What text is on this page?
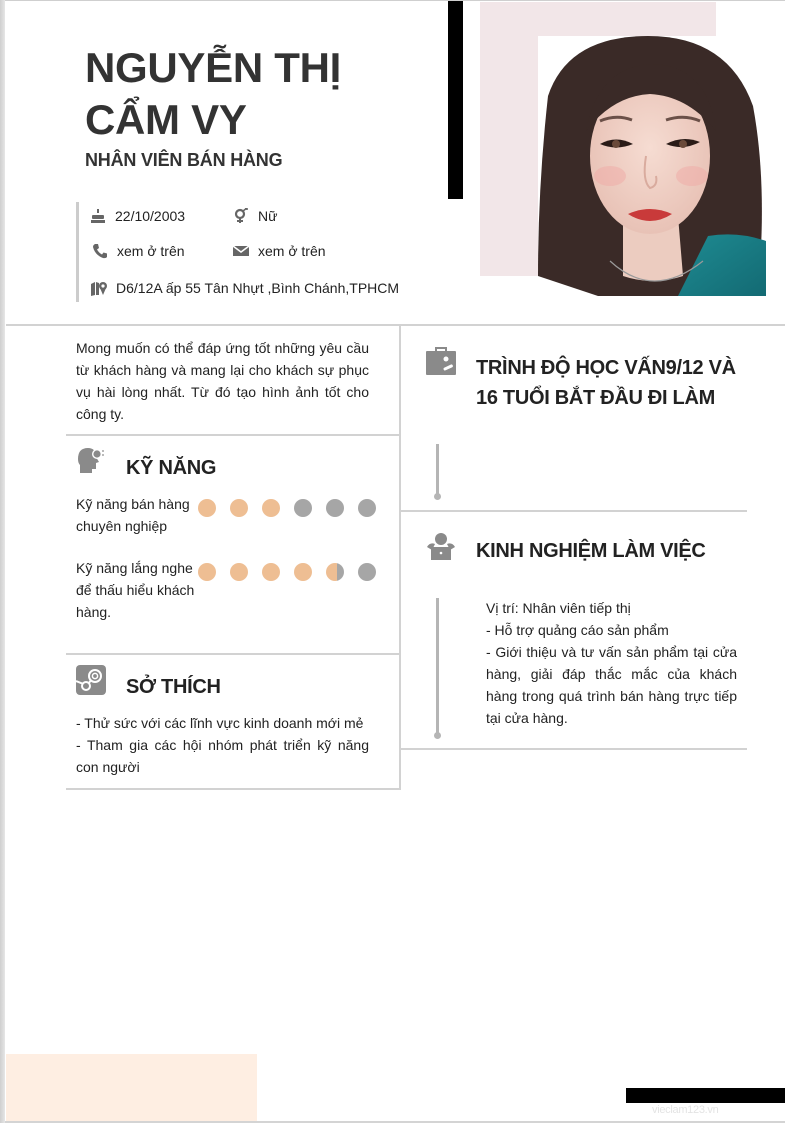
NGUYỄN THỊ CẨM VY
NHÂN VIÊN BÁN HÀNG
22/10/2003	Nữ
xem ở trên	xem ở trên
D6/12A ấp 55 Tân Nhựt ,Bình Chánh,TPHCM
Mong muốn có thể đáp ứng tốt những yêu cầu từ khách hàng và mang lại cho khách sự phục vụ hài lòng nhất. Từ đó tạo hình ảnh tốt cho công ty.
KỸ NĂNG
Kỹ năng bán hàng chuyên nghiệp
Kỹ năng lắng nghe để thấu hiểu khách hàng.
SỞ THÍCH
- Thử sức với các lĩnh vực kinh doanh mới mẻ
- Tham gia các hội nhóm phát triển kỹ năng con người
TRÌNH ĐỘ HỌC VẤN9/12 VÀ 16 TUỔI BẮT ĐẦU ĐI LÀM
KINH NGHIỆM LÀM VIỆC
Vị trí: Nhân viên tiếp thị
- Hỗ trợ quảng cáo sản phẩm
- Giới thiệu và tư vấn sản phẩm tại cửa hàng, giải đáp thắc mắc của khách hàng trong quá trình bán hàng trực tiếp tại cửa hàng.
vieclam123.vn
